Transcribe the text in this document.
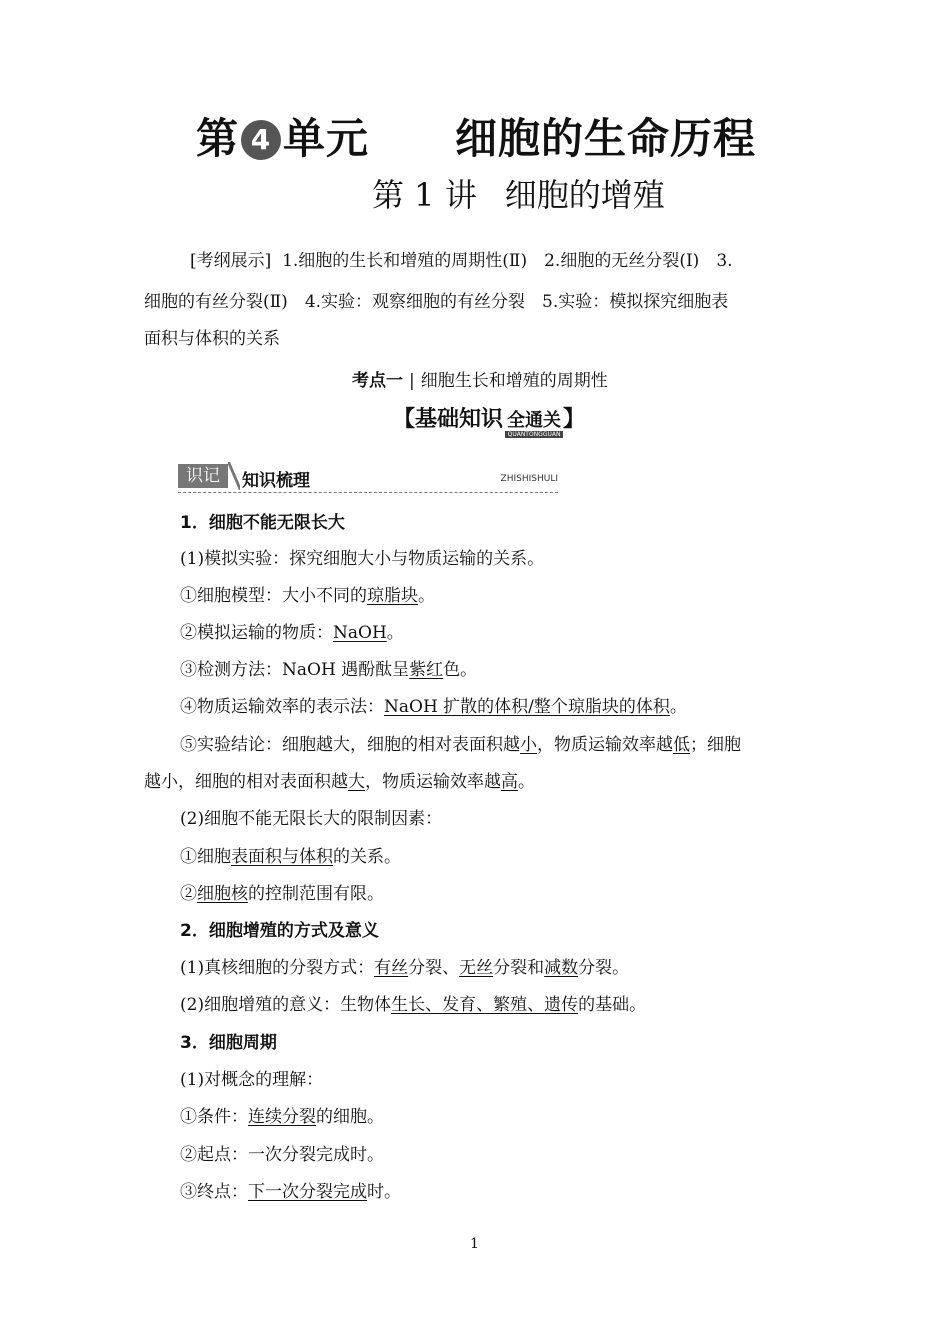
第 4 单元 细胞的生命历程
第 1 讲 细胞的增殖
[考纲展示] 1.细胞的生长和增殖的周期性(Ⅱ)　2.细胞的无丝分裂(Ⅰ)　3.
细胞的有丝分裂(Ⅱ)　4.实验：观察细胞的有丝分裂　5.实验：模拟探究细胞表
面积与体积的关系
考点一 | 细胞生长和增殖的周期性
【基础知识 全通关
QUANTONGGUAN
】
识记	知识梳理	ZHISHISHULI
1．细胞不能无限长大
(1)模拟实验：探究细胞大小与物质运输的关系。
①细胞模型：大小不同的琼脂块。
②模拟运输的物质：NaOH。
③检测方法：NaOH 遇酚酞呈紫红色。
④物质运输效率的表示法：NaOH 扩散的体积/整个琼脂块的体积。
⑤实验结论：细胞越大，细胞的相对表面积越小，物质运输效率越低；细胞
越小，细胞的相对表面积越大，物质运输效率越高。
(2)细胞不能无限长大的限制因素：
①细胞表面积与体积的关系。
②细胞核的控制范围有限。
2．细胞增殖的方式及意义
(1)真核细胞的分裂方式：有丝分裂、无丝分裂和减数分裂。
(2)细胞增殖的意义：生物体生长、发育、繁殖、遗传的基础。
3．细胞周期
(1)对概念的理解：
①条件：连续分裂的细胞。
②起点：一次分裂完成时。
③终点：下一次分裂完成时。
1
